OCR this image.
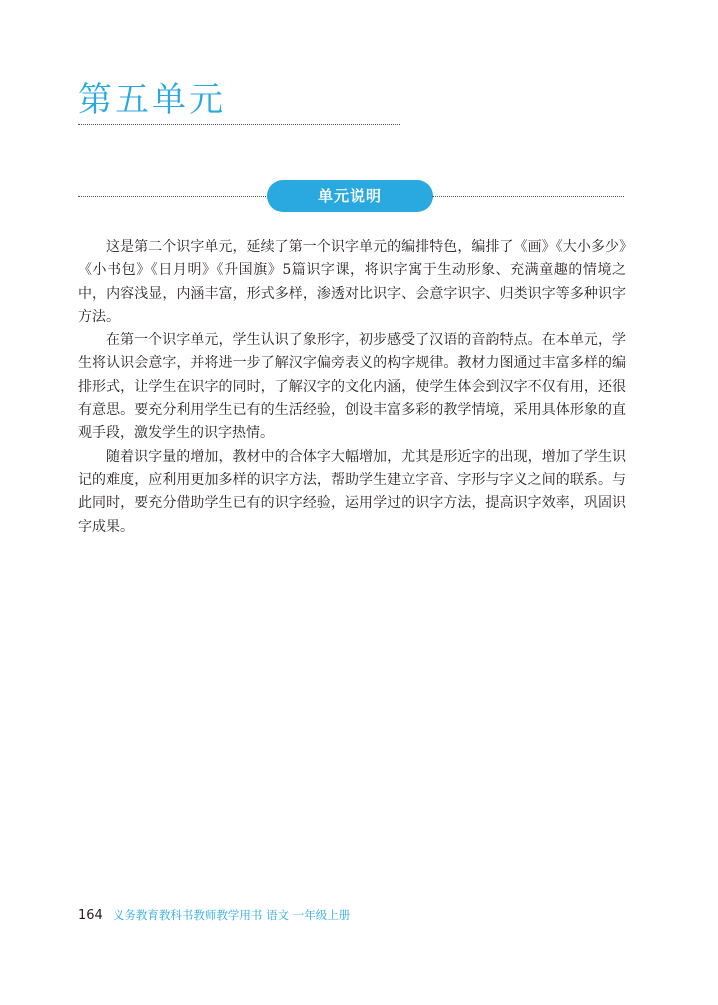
第五单元
单元说明

这是第二个识字单元，延续了第一个识字单元的编排特色，编排了《画》《大小多少》《小书包》《日月明》《升国旗》5篇识字课，将识字寓于生动形象、充满童趣的情境之中，内容浅显，内涵丰富，形式多样，渗透对比识字、会意字识字、归类识字等多种识字方法。

在第一个识字单元，学生认识了象形字，初步感受了汉语的音韵特点。在本单元，学生将认识会意字，并将进一步了解汉字偏旁表义的构字规律。教材力图通过丰富多样的编排形式，让学生在识字的同时，了解汉字的文化内涵，使学生体会到汉字不仅有用，还很有意思。要充分利用学生已有的生活经验，创设丰富多彩的教学情境，采用具体形象的直观手段，激发学生的识字热情。

随着识字量的增加，教材中的合体字大幅增加，尤其是形近字的出现，增加了学生识记的难度，应利用更加多样的识字方法，帮助学生建立字音、字形与字义之间的联系。与此同时，要充分借助学生已有的识字经验，运用学过的识字方法，提高识字效率，巩固识字成果。

164 义务教育教科书教师教学用书 语文 一年级上册
